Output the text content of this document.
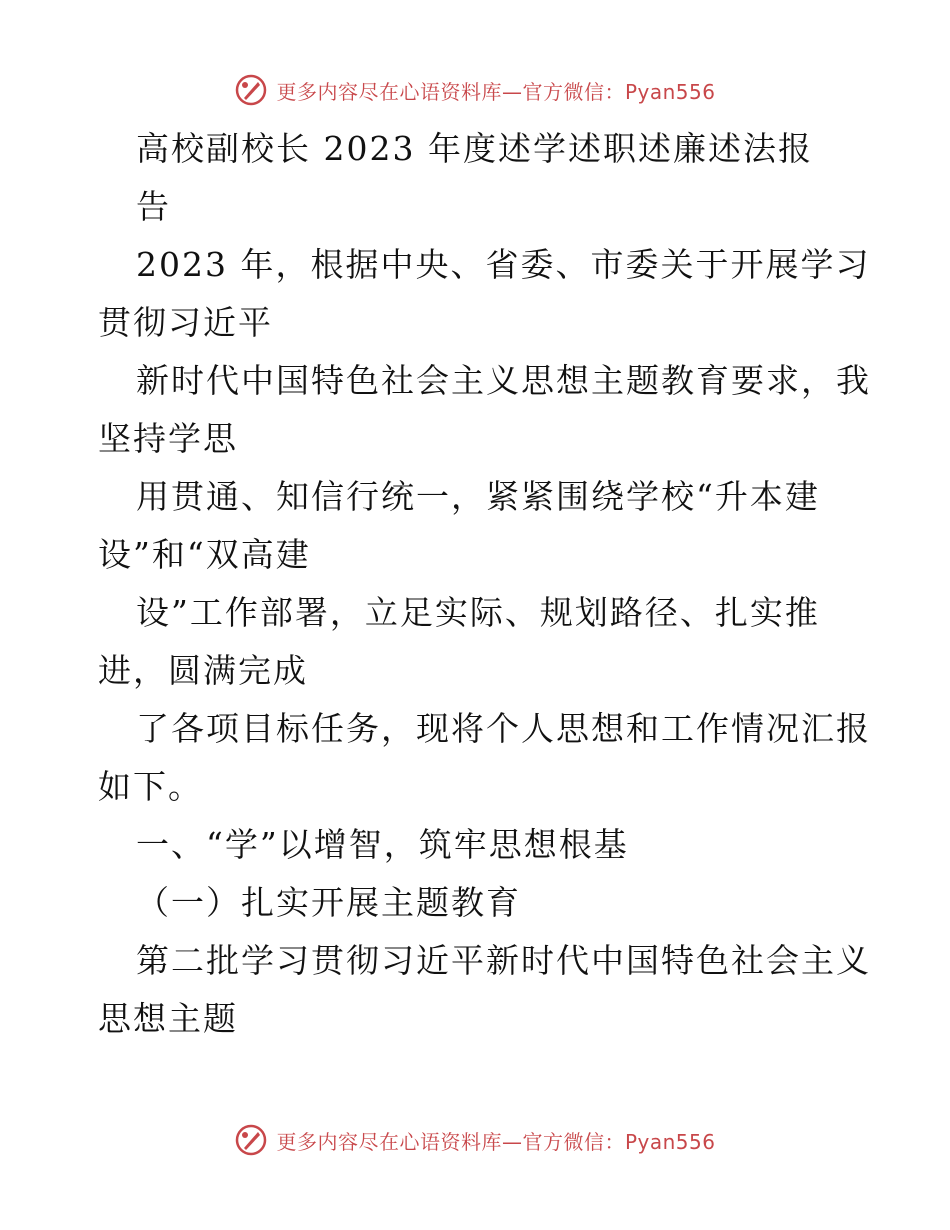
更多内容尽在心语资料库—官方微信：Pyan556
高校副校长 2023 年度述学述职述廉述法报
告
2023 年，根据中央、省委、市委关于开展学习
贯彻习近平
新时代中国特色社会主义思想主题教育要求，我
坚持学思
用贯通、知信行统一，紧紧围绕学校“升本建
设”和“双高建
设”工作部署，立足实际、规划路径、扎实推
进，圆满完成
了各项目标任务，现将个人思想和工作情况汇报
如下。
一、“学”以增智，筑牢思想根基
（一）扎实开展主题教育
第二批学习贯彻习近平新时代中国特色社会主义
思想主题
更多内容尽在心语资料库—官方微信：Pyan556
